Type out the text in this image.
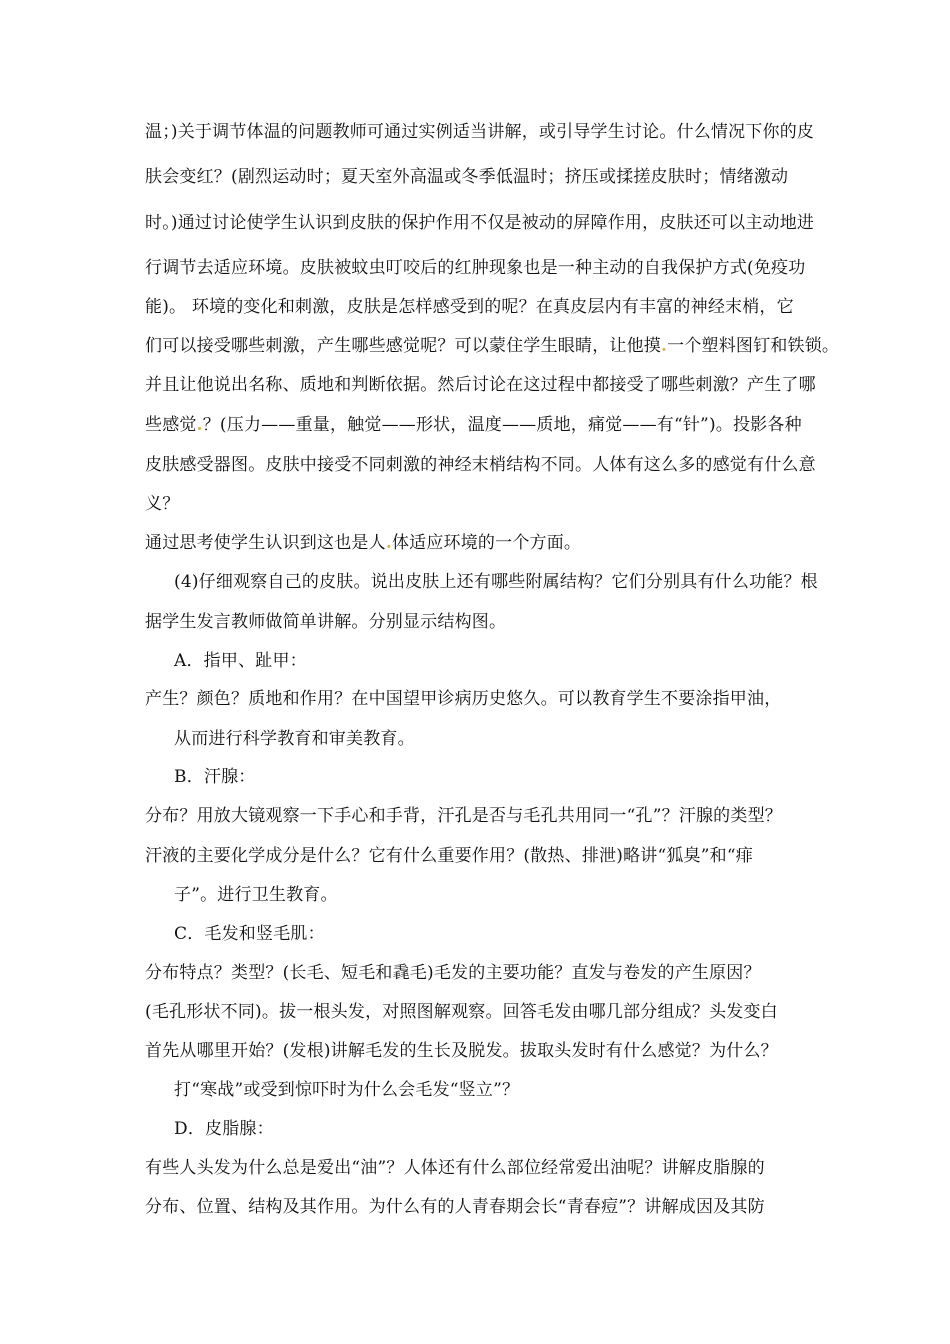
温；)关于调节体温的问题教师可通过实例适当讲解，或引导学生讨论。什么情况下你的皮
肤会变红？(剧烈运动时；夏天室外高温或冬季低温时；挤压或揉搓皮肤时；情绪激动
时。)通过讨论使学生认识到皮肤的保护作用不仅是被动的屏障作用，皮肤还可以主动地进
行调节去适应环境。皮肤被蚊虫叮咬后的红肿现象也是一种主动的自我保护方式(免疫功
能)。 环境的变化和刺激，皮肤是怎样感受到的呢？在真皮层内有丰富的神经末梢，它
们可以接受哪些刺激，产生哪些感觉呢？可以蒙住学生眼睛，让他摸.一个塑料图钉和铁锁。
并且让他说出名称、质地和判断依据。然后讨论在这过程中都接受了哪些刺激？产生了哪
些感觉.？(压力——重量，触觉——形状，温度——质地，痛觉——有“针”)。投影各种
皮肤感受器图。皮肤中接受不同刺激的神经末梢结构不同。人体有这么多的感觉有什么意
义？
通过思考使学生认识到这也是人.体适应环境的一个方面。
(4)仔细观察自己的皮肤。说出皮肤上还有哪些附属结构？它们分别具有什么功能？根
据学生发言教师做简单讲解。分别显示结构图。
A．指甲、趾甲：
产生？颜色？质地和作用？在中国望甲诊病历史悠久。可以教育学生不要涂指甲油，
从而进行科学教育和审美教育。
B．汗腺：
分布？用放大镜观察一下手心和手背，汗孔是否与毛孔共用同一“孔”？汗腺的类型？
汗液的主要化学成分是什么？它有什么重要作用？(散热、排泄)略讲“狐臭”和“痱
子”。进行卫生教育。
C．毛发和竖毛肌：
分布特点？类型？(长毛、短毛和毳毛)毛发的主要功能？直发与卷发的产生原因？
(毛孔形状不同)。拔一根头发，对照图解观察。回答毛发由哪几部分组成？头发变白
首先从哪里开始？(发根)讲解毛发的生长及脱发。拔取头发时有什么感觉？为什么？
打“寒战”或受到惊吓时为什么会毛发“竖立”？
D．皮脂腺：
有些人头发为什么总是爱出“油”？人体还有什么部位经常爱出油呢？讲解皮脂腺的
分布、位置、结构及其作用。为什么有的人青春期会长“青春痘”？讲解成因及其防
